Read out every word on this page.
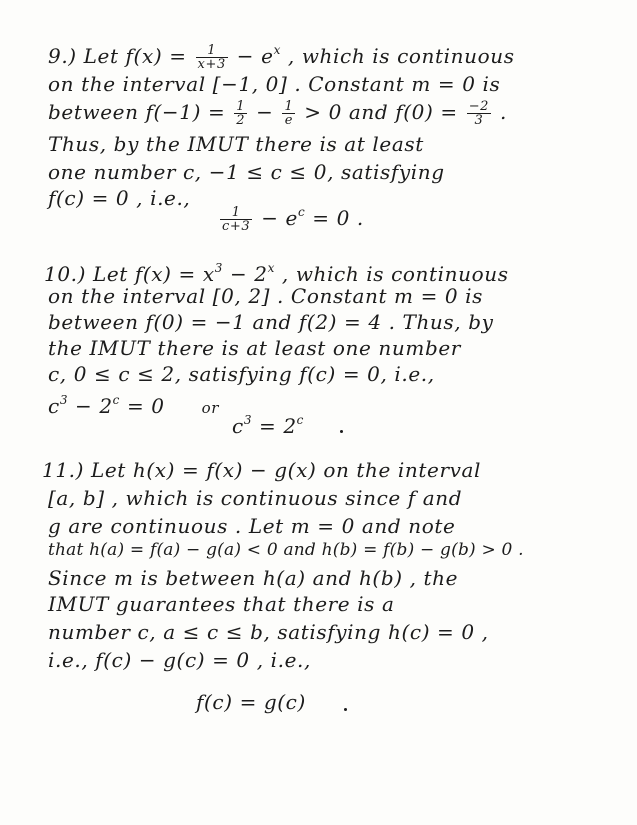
9.) Let $f(x) = \frac{1}{x+3} - e^x$ , which is continuous
on the interval [−1, 0] . Constant m = 0 is
between $f(-1) = \frac{1}{2} - \frac{1}{e} > 0$ and $f(0) = \frac{-2}{3}$ .
Thus, by the IMUT there is at least
one number c, −1 ≤ c ≤ 0, satisfying
f(c) = 0 , i.e.,
$\frac{1}{c+3} - e^c = 0$ .
10.) Let $f(x) = x^3 - 2^x$ , which is continuous
on the interval [0, 2] . Constant m = 0 is
between f(0) = −1 and f(2) = 4 . Thus, by
the IMUT there is at least one number
c, 0 ≤ c ≤ 2, satisfying f(c) = 0, i.e.,
$c^3 - 2^c = 0$ or
$c^3 = 2^c$
11.) Let h(x) = f(x) − g(x) on the interval
[a, b] , which is continuous since f and
g are continuous . Let m = 0 and note
that h(a) = f(a) − g(a) < 0 and h(b) = f(b) − g(b) > 0 .
Since m is between h(a) and h(b) , the
IMUT guarantees that there is a
number c, a ≤ c ≤ b, satisfying h(c) = 0 ,
i.e., f(c) − g(c) = 0 , i.e.,
f(c) = g(c)
